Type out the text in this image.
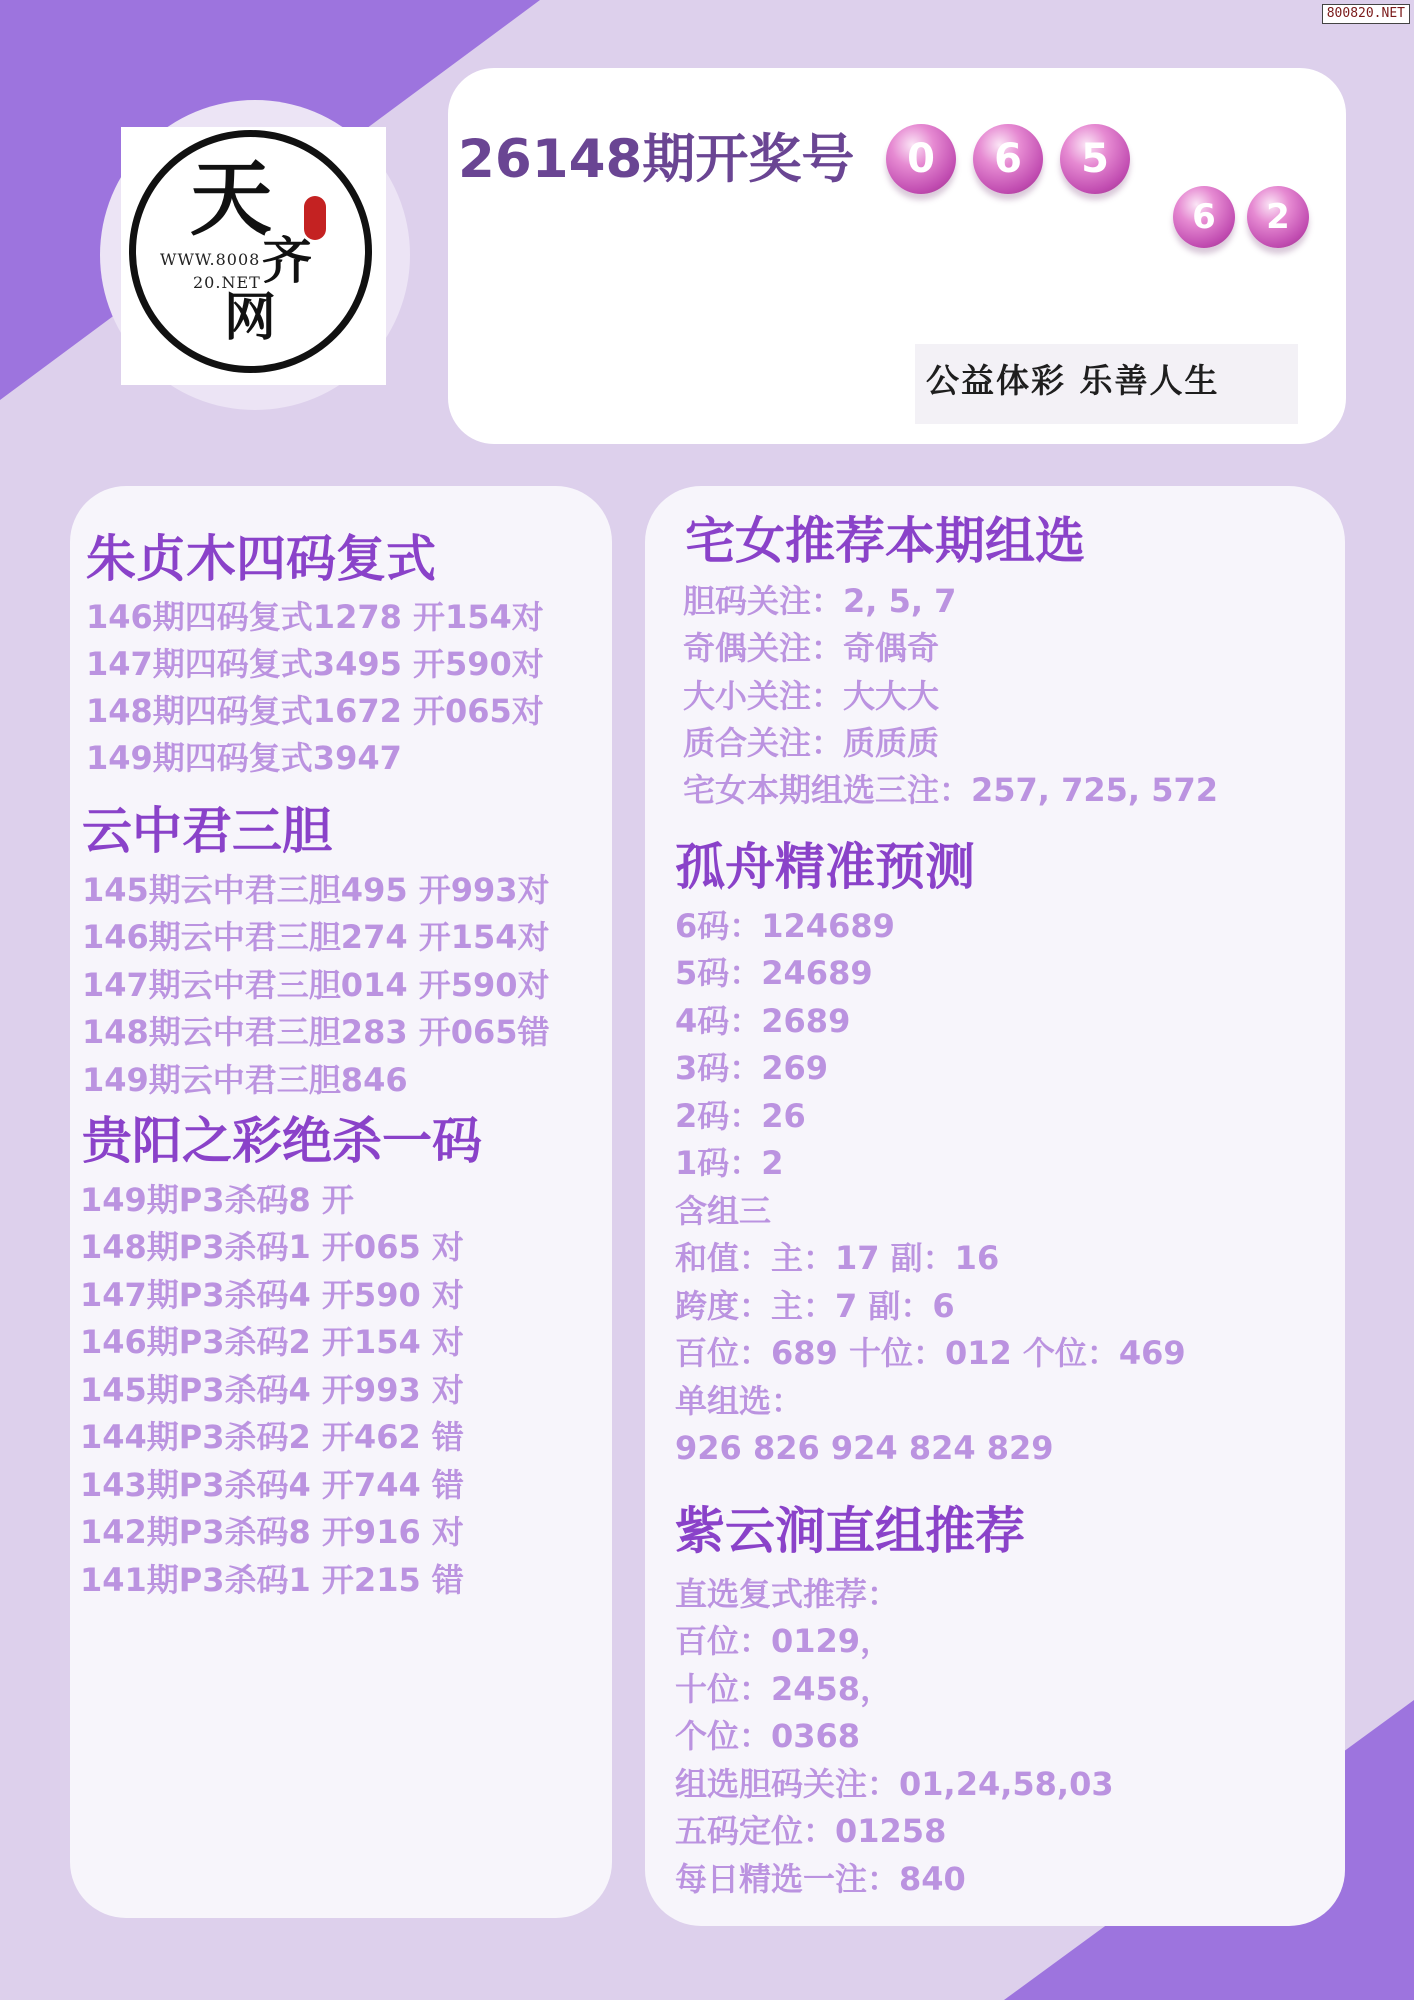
800820.NET
天
WWW.8008
20.NET 齐
网
26148期开奖号	0	6	5
6	2
公益体彩 乐善人生
朱贞木四码复式
146期四码复式1278 开154对
147期四码复式3495 开590对
148期四码复式1672 开065对
149期四码复式3947
云中君三胆
145期云中君三胆495 开993对
146期云中君三胆274 开154对
147期云中君三胆014 开590对
148期云中君三胆283 开065错
149期云中君三胆846
贵阳之彩绝杀一码
149期P3杀码8 开
148期P3杀码1 开065 对
147期P3杀码4 开590 对
146期P3杀码2 开154 对
145期P3杀码4 开993 对
144期P3杀码2 开462 错
143期P3杀码4 开744 错
142期P3杀码8 开916 对
141期P3杀码1 开215 错
宅女推荐本期组选
胆码关注：2, 5, 7
奇偶关注：奇偶奇
大小关注：大大大
质合关注：质质质
宅女本期组选三注：257, 725, 572
孤舟精准预测
6码：124689
5码：24689
4码：2689
3码：269
2码：26
1码：2
含组三
和值：主：17 副：16
跨度：主：7 副：6
百位：689 十位：012 个位：469
单组选：
926 826 924 824 829
紫云涧直组推荐
直选复式推荐：
百位：0129，
十位：2458，
个位：0368
组选胆码关注：01,24,58,03
五码定位：01258
每日精选一注：840
